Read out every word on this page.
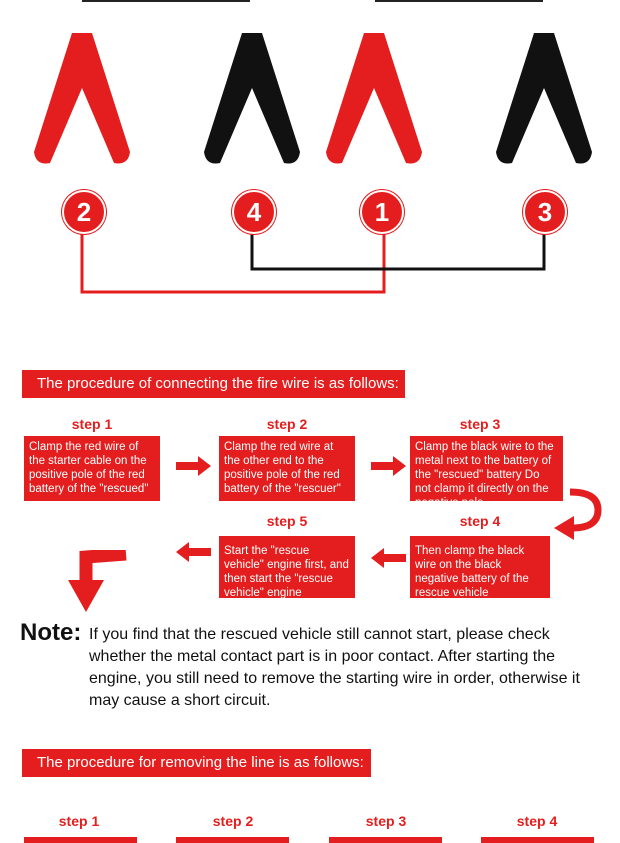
2	4	1	3
The procedure of connecting the fire wire is as follows:
step 1	step 2	step 3
Clamp the red wire of the starter cable on the positive pole of the red battery of the "rescued"
Clamp the red wire at the other end to the positive pole of the red battery of the "rescuer"
Clamp the black wire to the metal next to the battery of the "rescued" battery Do not clamp it directly on the negative pole
step 5	step 4
Start the "rescue vehicle" engine first, and then start the "rescue vehicle" engine
Then clamp the black wire on the black negative battery of the rescue vehicle
Note: If you find that the rescued vehicle still cannot start, please check whether the metal contact part is in poor contact. After starting the engine, you still need to remove the starting wire in order, otherwise it may cause a short circuit.
The procedure for removing the line is as follows:
step 1	step 2	step 3	step 4
